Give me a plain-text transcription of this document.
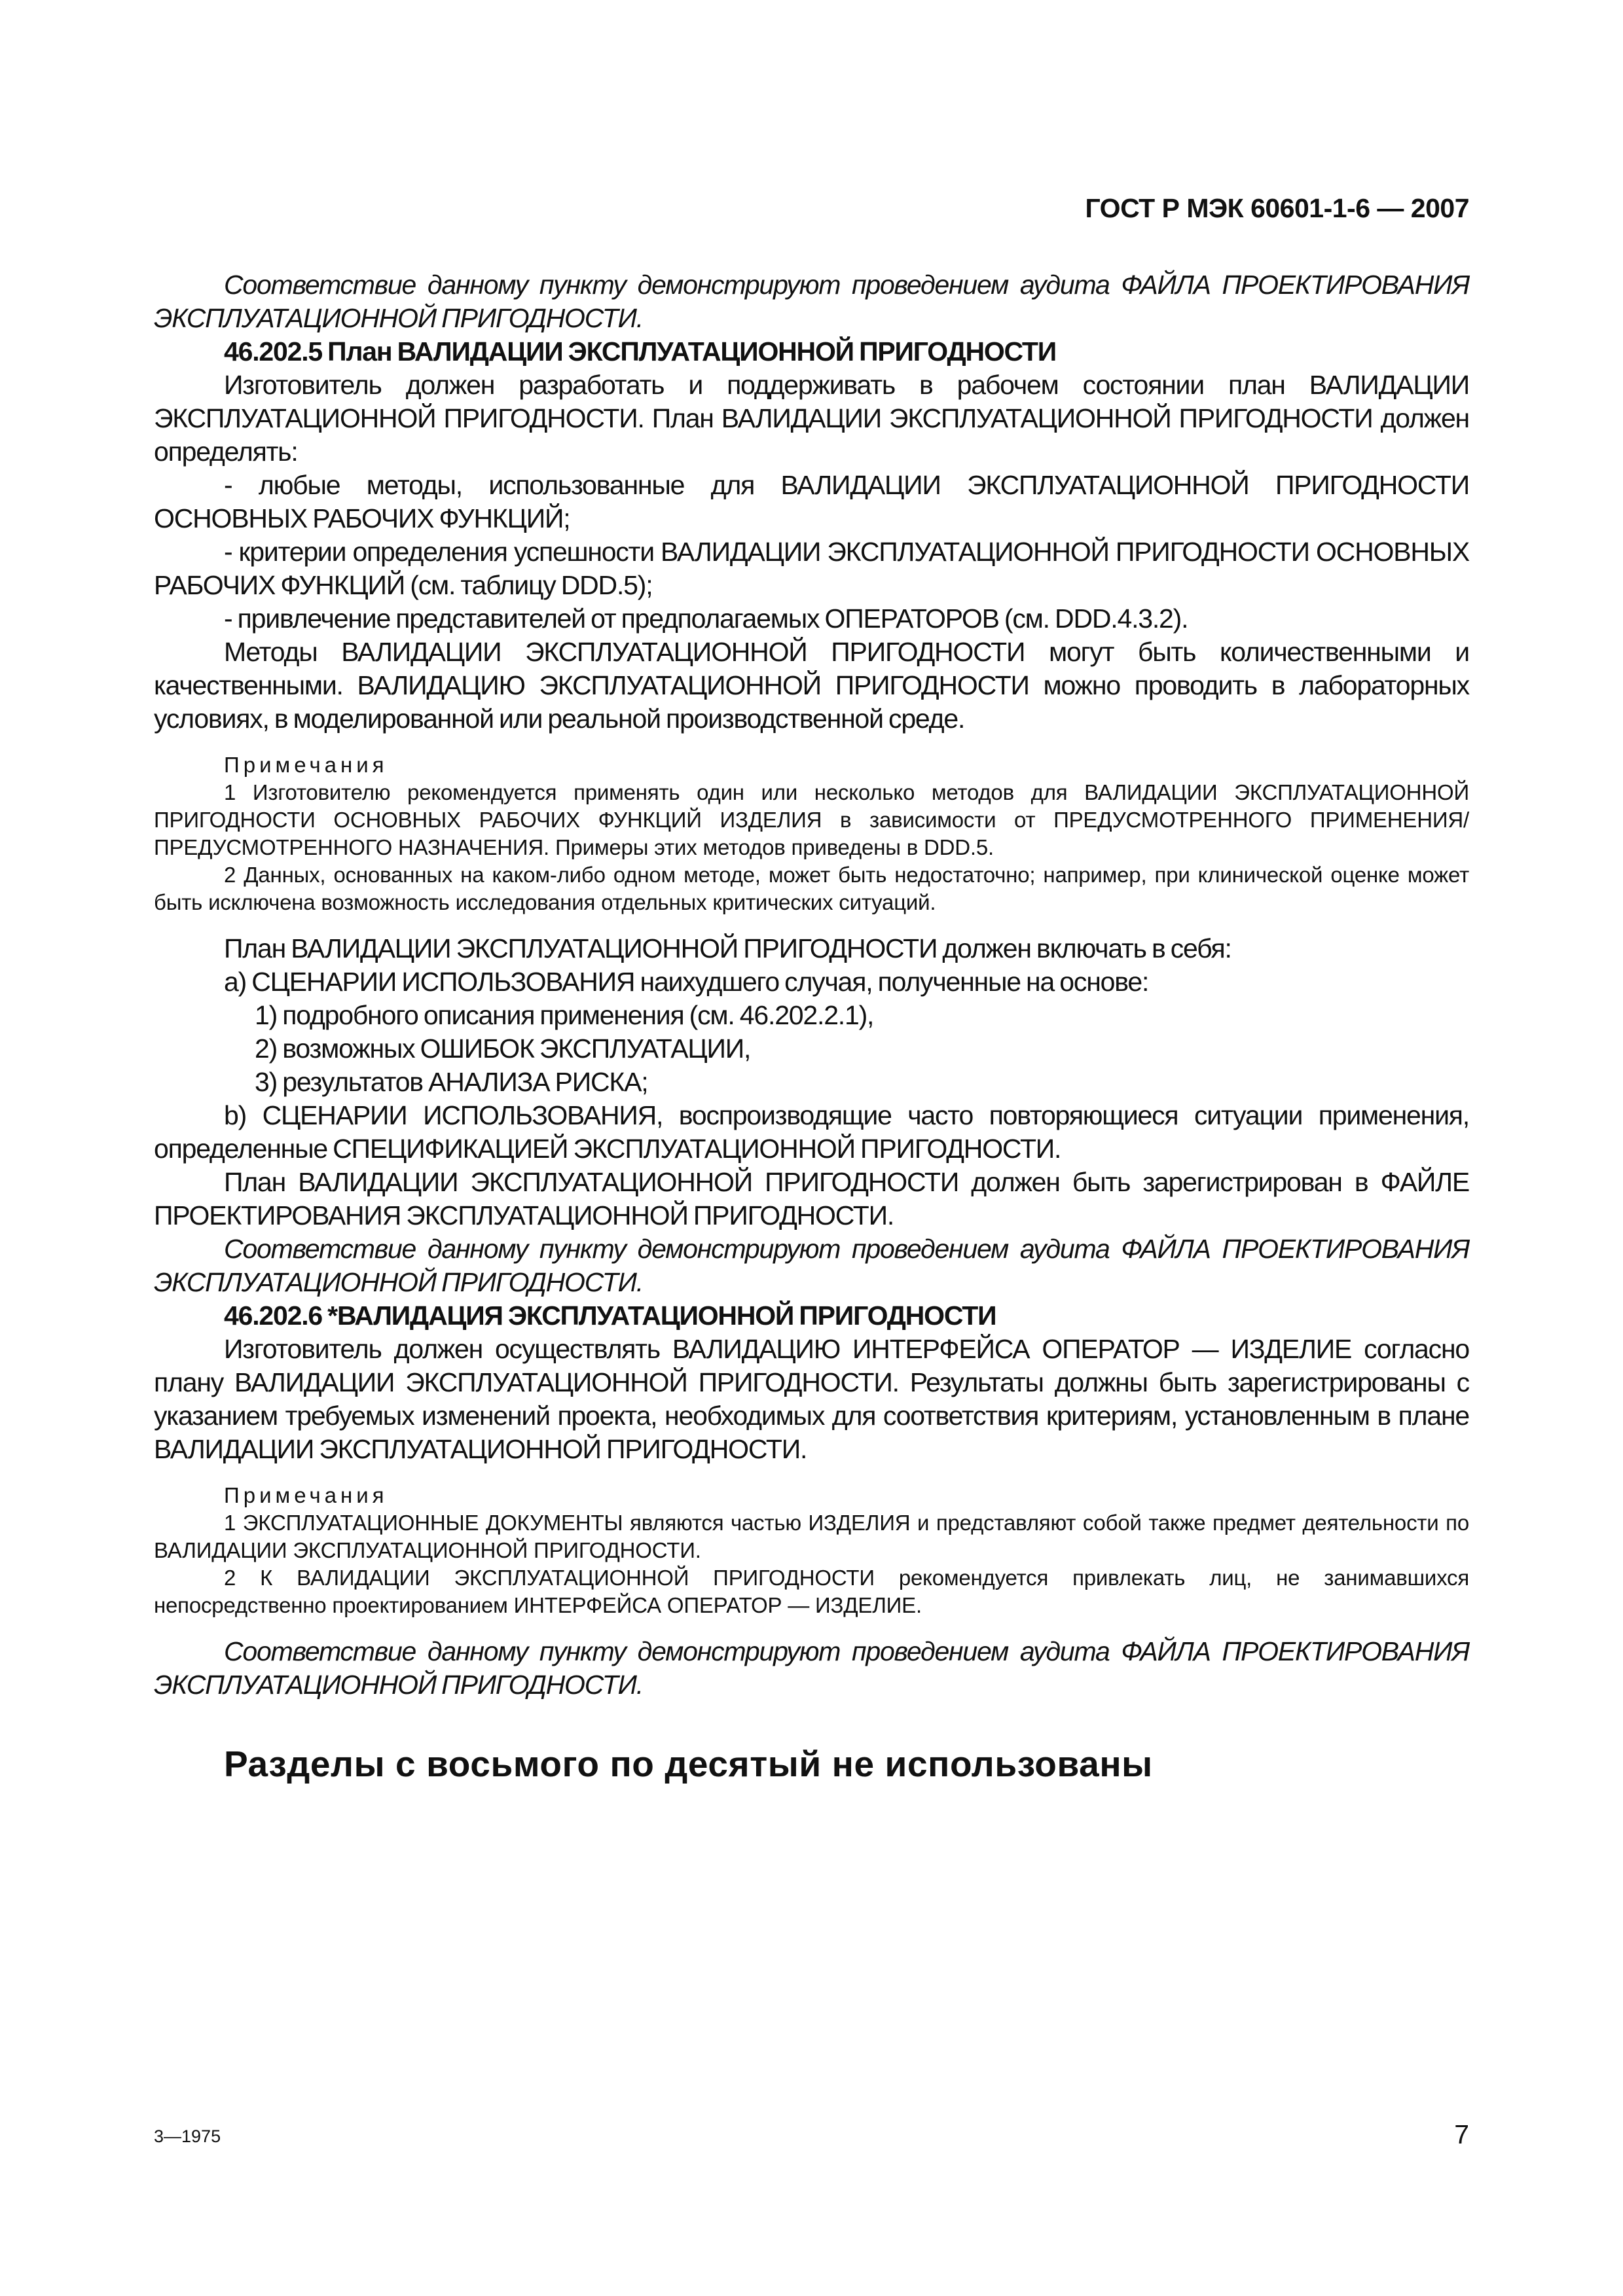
ГОСТ Р МЭК 60601-1-6 — 2007

Соответствие данному пункту демонстрируют проведением аудита ФАЙЛА ПРОЕКТИРОВАНИЯ ЭКСПЛУАТАЦИОННОЙ ПРИГОДНОСТИ.

46.202.5 План ВАЛИДАЦИИ ЭКСПЛУАТАЦИОННОЙ ПРИГОДНОСТИ

Изготовитель должен разработать и поддерживать в рабочем состоянии план ВАЛИДАЦИИ ЭКСПЛУАТАЦИОННОЙ ПРИГОДНОСТИ. План ВАЛИДАЦИИ ЭКСПЛУАТАЦИОННОЙ ПРИГОДНОСТИ должен определять:

- любые методы, использованные для ВАЛИДАЦИИ ЭКСПЛУАТАЦИОННОЙ ПРИГОДНОСТИ ОСНОВНЫХ РАБОЧИХ ФУНКЦИЙ;

- критерии определения успешности ВАЛИДАЦИИ ЭКСПЛУАТАЦИОННОЙ ПРИГОДНОСТИ ОСНОВНЫХ РАБОЧИХ ФУНКЦИЙ (см. таблицу DDD.5);

- привлечение представителей от предполагаемых ОПЕРАТОРОВ (см. DDD.4.3.2).

Методы ВАЛИДАЦИИ ЭКСПЛУАТАЦИОННОЙ ПРИГОДНОСТИ могут быть количественными и качественными. ВАЛИДАЦИЮ ЭКСПЛУАТАЦИОННОЙ ПРИГОДНОСТИ можно проводить в лабораторных условиях, в моделированной или реальной производственной среде.

Примечания

1 Изготовителю рекомендуется применять один или несколько методов для ВАЛИДАЦИИ ЭКСПЛУАТАЦИОННОЙ ПРИГОДНОСТИ ОСНОВНЫХ РАБОЧИХ ФУНКЦИЙ ИЗДЕЛИЯ в зависимости от ПРЕДУСМОТРЕННОГО ПРИМЕНЕНИЯ/ПРЕДУСМОТРЕННОГО НАЗНАЧЕНИЯ. Примеры этих методов приведены в DDD.5.

2 Данных, основанных на каком-либо одном методе, может быть недостаточно; например, при клинической оценке может быть исключена возможность исследования отдельных критических ситуаций.

План ВАЛИДАЦИИ ЭКСПЛУАТАЦИОННОЙ ПРИГОДНОСТИ должен включать в себя:

a) СЦЕНАРИИ ИСПОЛЬЗОВАНИЯ наихудшего случая, полученные на основе:

1) подробного описания применения (см. 46.202.2.1),

2) возможных ОШИБОК ЭКСПЛУАТАЦИИ,

3) результатов АНАЛИЗА РИСКА;

b) СЦЕНАРИИ ИСПОЛЬЗОВАНИЯ, воспроизводящие часто повторяющиеся ситуации применения, определенные СПЕЦИФИКАЦИЕЙ ЭКСПЛУАТАЦИОННОЙ ПРИГОДНОСТИ.

План ВАЛИДАЦИИ ЭКСПЛУАТАЦИОННОЙ ПРИГОДНОСТИ должен быть зарегистрирован в ФАЙЛЕ ПРОЕКТИРОВАНИЯ ЭКСПЛУАТАЦИОННОЙ ПРИГОДНОСТИ.

Соответствие данному пункту демонстрируют проведением аудита ФАЙЛА ПРОЕКТИРОВАНИЯ ЭКСПЛУАТАЦИОННОЙ ПРИГОДНОСТИ.

46.202.6 *ВАЛИДАЦИЯ ЭКСПЛУАТАЦИОННОЙ ПРИГОДНОСТИ

Изготовитель должен осуществлять ВАЛИДАЦИЮ ИНТЕРФЕЙСА ОПЕРАТОР — ИЗДЕЛИЕ согласно плану ВАЛИДАЦИИ ЭКСПЛУАТАЦИОННОЙ ПРИГОДНОСТИ. Результаты должны быть зарегистрированы с указанием требуемых изменений проекта, необходимых для соответствия критериям, установленным в плане ВАЛИДАЦИИ ЭКСПЛУАТАЦИОННОЙ ПРИГОДНОСТИ.

Примечания

1 ЭКСПЛУАТАЦИОННЫЕ ДОКУМЕНТЫ являются частью ИЗДЕЛИЯ и представляют собой также предмет деятельности по ВАЛИДАЦИИ ЭКСПЛУАТАЦИОННОЙ ПРИГОДНОСТИ.

2 К ВАЛИДАЦИИ ЭКСПЛУАТАЦИОННОЙ ПРИГОДНОСТИ рекомендуется привлекать лиц, не занимавшихся непосредственно проектированием ИНТЕРФЕЙСА ОПЕРАТОР — ИЗДЕЛИЕ.

Соответствие данному пункту демонстрируют проведением аудита ФАЙЛА ПРОЕКТИРОВАНИЯ ЭКСПЛУАТАЦИОННОЙ ПРИГОДНОСТИ.

Разделы с восьмого по десятый не использованы
3—1975	7
